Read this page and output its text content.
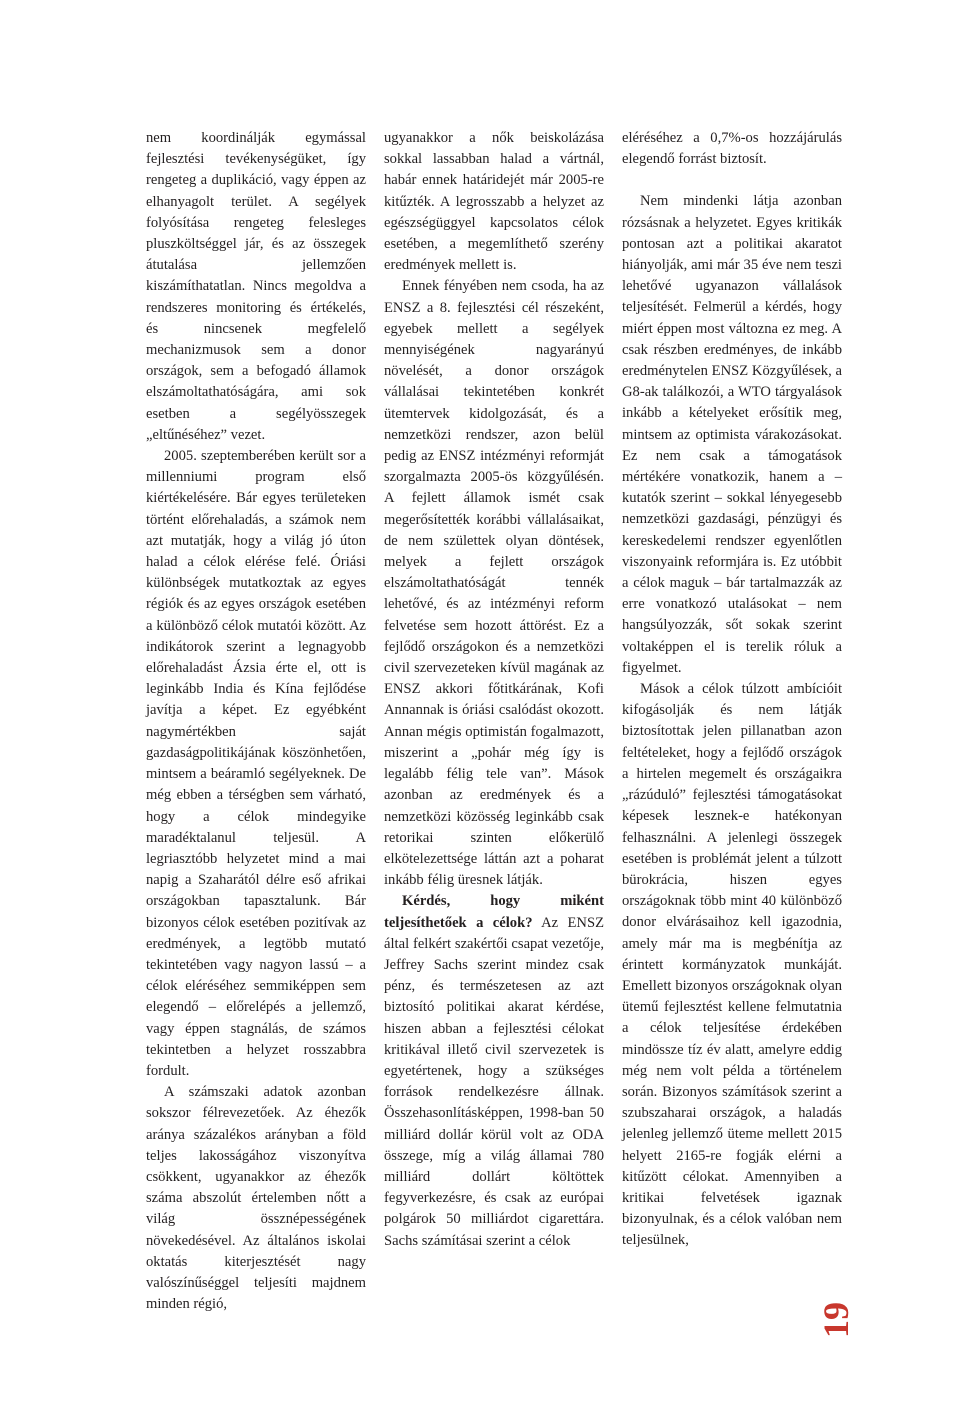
nem koordinálják egymással fejlesztési tevékenységüket, így rengeteg a duplikáció, vagy éppen az elhanyagolt terület. A segélyek folyósítása rengeteg felesleges pluszköltséggel jár, és az összegek átutalása jellemzően kiszámíthatatlan. Nincs megoldva a rendszeres monitoring és értékelés, és nincsenek megfelelő mechanizmusok sem a donor országok, sem a befogadó államok elszámoltathatóságára, ami sok esetben a segélyösszegek „eltűnéséhez” vezet.

2005. szeptemberében került sor a millenniumi program első kiértékelésére. Bár egyes területeken történt előrehaladás, a számok nem azt mutatják, hogy a világ jó úton halad a célok elérése felé. Óriási különbségek mutatkoztak az egyes régiók és az egyes országok esetében a különböző célok mutatói között. Az indikátorok szerint a legnagyobb előrehaladást Ázsia érte el, ott is leginkább India és Kína fejlődése javítja a képet. Ez egyébként nagymértékben saját gazdaságpolitikájának köszönhetően, mintsem a beáramló segélyeknek. De még ebben a térségben sem várható, hogy a célok mindegyike maradéktalanul teljesül. A legriasztóbb helyzetet mind a mai napig a Szaharától délre eső afrikai országokban tapasztalunk. Bár bizonyos célok esetében pozitívak az eredmények, a legtöbb mutató tekintetében vagy nagyon lassú – a célok eléréséhez semmiképpen sem elegendő – előrelépés a jellemző, vagy éppen stagnálás, de számos tekintetben a helyzet rosszabbra fordult.

A számszaki adatok azonban sokszor félrevezetőek. Az éhezők aránya százalékos arányban a föld teljes lakosságához viszonyítva csökkent, ugyanakkor az éhezők száma abszolút értelemben nőtt a világ össznépességének növekedésével. Az általános iskolai oktatás kiterjesztését nagy valószínűséggel teljesíti majdnem minden régió,

ugyanakkor a nők beiskolázása sokkal lassabban halad a vártnál, habár ennek határidejét már 2005-re kitűzték. A legrosszabb a helyzet az egészségüggyel kapcsolatos célok esetében, a megemlíthető szerény eredmények mellett is.

Ennek fényében nem csoda, ha az ENSZ a 8. fejlesztési cél részeként, egyebek mellett a segélyek mennyiségének nagyarányú növelését, a donor országok vállalásai tekintetében konkrét ütemtervek kidolgozását, és a nemzetközi rendszer, azon belül pedig az ENSZ intézményi reformját szorgalmazta 2005-ös közgyűlésén. A fejlett államok ismét csak megerősítették korábbi vállalásaikat, de nem születtek olyan döntések, melyek a fejlett országok elszámoltathatóságát tennék lehetővé, és az intézményi reform felvetése sem hozott áttörést. Ez a fejlődő országokon és a nemzetközi civil szervezeteken kívül magának az ENSZ akkori főtitkárának, Kofi Annannak is óriási csalódást okozott. Annan mégis optimistán fogalmazott, miszerint a „pohár még így is legalább félig tele van”. Mások azonban az eredmények és a nemzetközi közösség leginkább csak retorikai szinten előkerülő elkötelezettsége láttán azt a poharat inkább félig üresnek látják.

Kérdés, hogy miként teljesíthetőek a célok? Az ENSZ által felkért szakértői csapat vezetője, Jeffrey Sachs szerint mindez csak pénz, és természetesen az azt biztosító politikai akarat kérdése, hiszen abban a fejlesztési célokat kritikával illető civil szervezetek is egyetértenek, hogy a szükséges források rendelkezésre állnak. Összehasonlításképpen, 1998-ban 50 milliárd dollár körül volt az ODA összege, míg a világ államai 780 milliárd dollárt költöttek fegyverkezésre, és csak az európai polgárok 50 milliárdot cigarettára. Sachs számításai szerint a célok

eléréséhez a 0,7%-os hozzájárulás elegendő forrást biztosít.

Nem mindenki látja azonban rózsásnak a helyzetet. Egyes kritikák pontosan azt a politikai akaratot hiányolják, ami már 35 éve nem teszi lehetővé ugyanazon vállalások teljesítését. Felmerül a kérdés, hogy miért éppen most változna ez meg. A csak részben eredményes, de inkább eredménytelen ENSZ Közgyűlések, a G8-ak találkozói, a WTO tárgyalások inkább a kételyeket erősítik meg, mintsem az optimista várakozásokat. Ez nem csak a támogatások mértékére vonatkozik, hanem a – kutatók szerint – sokkal lényegesebb nemzetközi gazdasági, pénzügyi és kereskedelemi rendszer egyenlőtlen viszonyaink reformjára is. Ez utóbbit a célok maguk – bár tartalmazzák az erre vonatkozó utalásokat – nem hangsúlyozzák, sőt sokak szerint voltaképpen el is terelik róluk a figyelmet.

Mások a célok túlzott ambícióit kifogásolják és nem látják biztosítottak jelen pillanatban azon feltételeket, hogy a fejlődő országok a hirtelen megemelt és országaikra „rázúduló” fejlesztési támogatásokat képesek lesznek-e hatékonyan felhasználni. A jelenlegi összegek esetében is problémát jelent a túlzott bürokrácia, hiszen egyes országoknak több mint 40 különböző donor elvárásaihoz kell igazodnia, amely már ma is megbénítja az érintett kormányzatok munkáját. Emellett bizonyos országoknak olyan ütemű fejlesztést kellene felmutatnia a célok teljesítése érdekében mindössze tíz év alatt, amelyre eddig még nem volt példa a történelem során. Bizonyos számítások szerint a szubszaharai országok, a haladás jelenleg jellemző üteme mellett 2015 helyett 2165-re fogják elérni a kitűzött célokat. Amennyiben a kritikai felvetések igaznak bizonyulnak, és a célok valóban nem teljesülnek,

19
